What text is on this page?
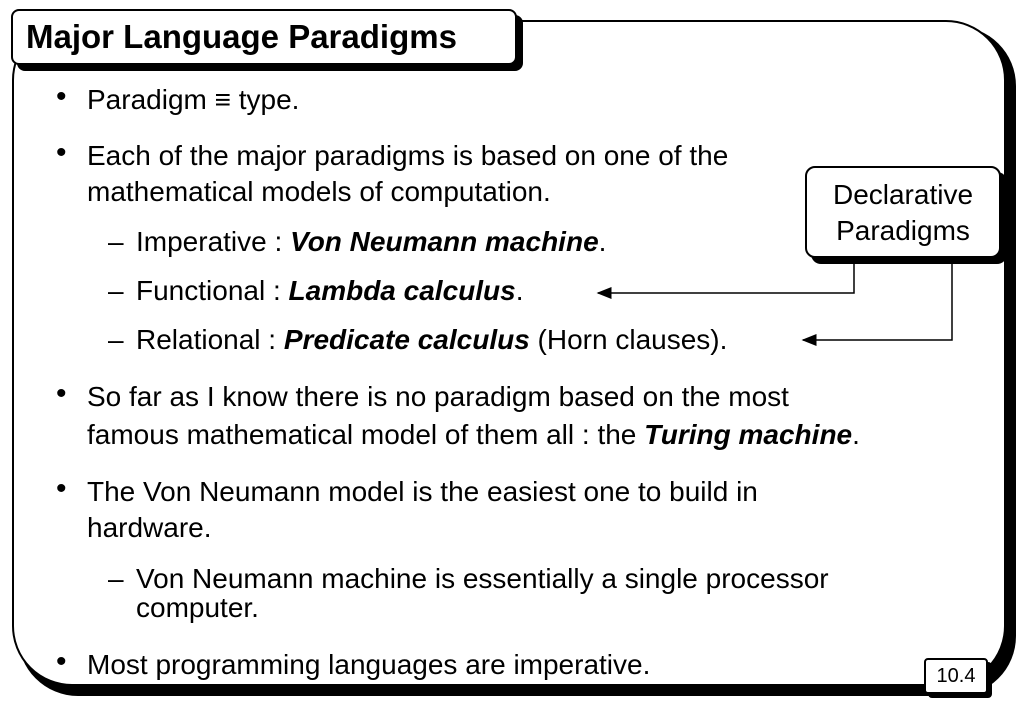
Major Language Paradigms
• Paradigm ≡ type.
• Each of the major paradigms is based on one of the
mathematical models of computation.
– Imperative : Von Neumann machine.
– Functional : Lambda calculus.
– Relational : Predicate calculus (Horn clauses).
• So far as I know there is no paradigm based on the most
famous mathematical model of them all : the Turing machine.
• The Von Neumann model is the easiest one to build in
hardware.
– Von Neumann machine is essentially a single processor
computer.
• Most programming languages are imperative.
Declarative
Paradigms
10.4
